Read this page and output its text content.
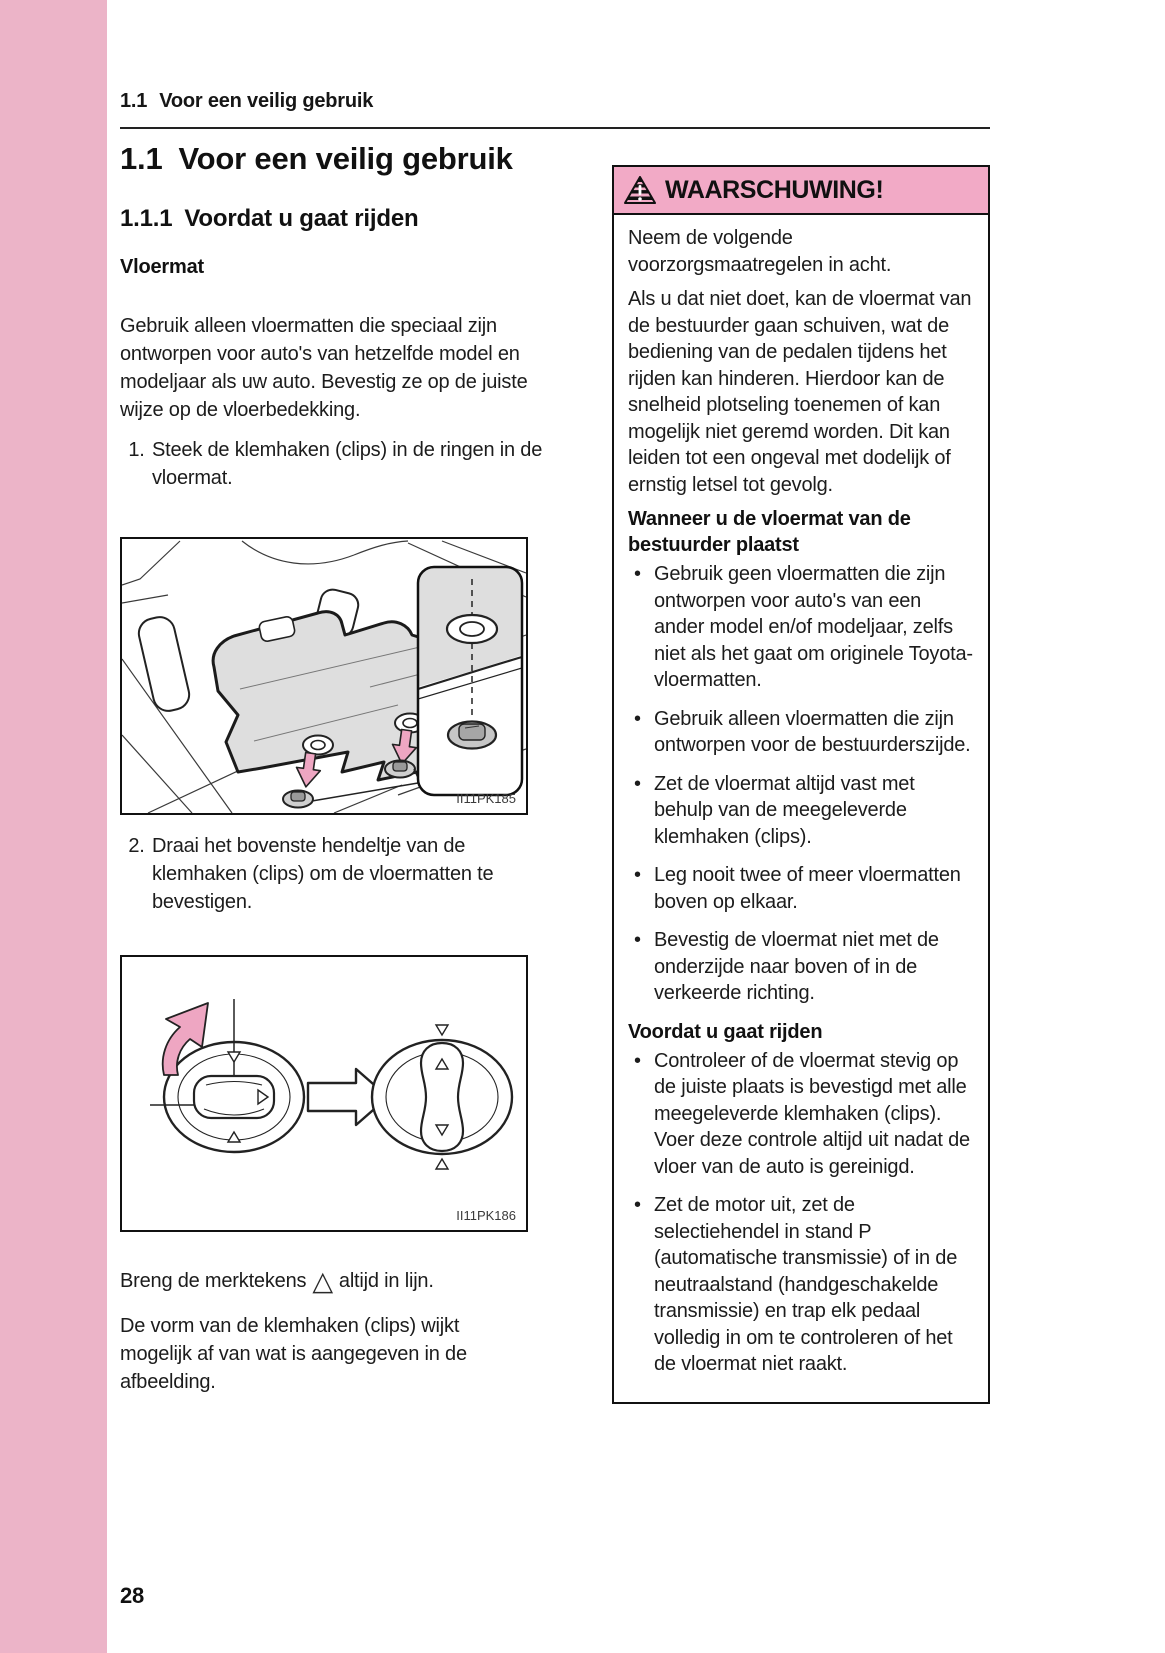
1.1 Voor een veilig gebruik
1.1 Voor een veilig gebruik
1.1.1 Voordat u gaat rijden
Vloermat

Gebruik alleen vloermatten die speciaal zijn ontworpen voor auto's van hetzelfde model en modeljaar als uw auto. Bevestig ze op de juiste wijze op de vloerbedekking.

1. Steek de klemhaken (clips) in de ringen in de vloermat.
II11PK185
2. Draai het bovenste hendeltje van de klemhaken (clips) om de vloermatten te bevestigen.
II11PK186

Breng de merktekens △ altijd in lijn.

De vorm van de klemhaken (clips) wijkt mogelijk af van wat is aangegeven in de afbeelding.

WAARSCHUWING!

Neem de volgende voorzorgsmaatregelen in acht.

Als u dat niet doet, kan de vloermat van de bestuurder gaan schuiven, wat de bediening van de pedalen tijdens het rijden kan hinderen. Hierdoor kan de snelheid plotseling toenemen of kan mogelijk niet geremd worden. Dit kan leiden tot een ongeval met dodelijk of ernstig letsel tot gevolg.

Wanneer u de vloermat van de bestuurder plaatst
• Gebruik geen vloermatten die zijn ontworpen voor auto's van een ander model en/of modeljaar, zelfs niet als het gaat om originele Toyota-vloermatten.
• Gebruik alleen vloermatten die zijn ontworpen voor de bestuurderszijde.
• Zet de vloermat altijd vast met behulp van de meegeleverde klemhaken (clips).
• Leg nooit twee of meer vloermatten boven op elkaar.
• Bevestig de vloermat niet met de onderzijde naar boven of in de verkeerde richting.
Voordat u gaat rijden
• Controleer of de vloermat stevig op de juiste plaats is bevestigd met alle meegeleverde klemhaken (clips). Voer deze controle altijd uit nadat de vloer van de auto is gereinigd.
• Zet de motor uit, zet de selectiehendel in stand P (automatische transmissie) of in de neutraalstand (handgeschakelde transmissie) en trap elk pedaal volledig in om te controleren of het de vloermat niet raakt.
28
